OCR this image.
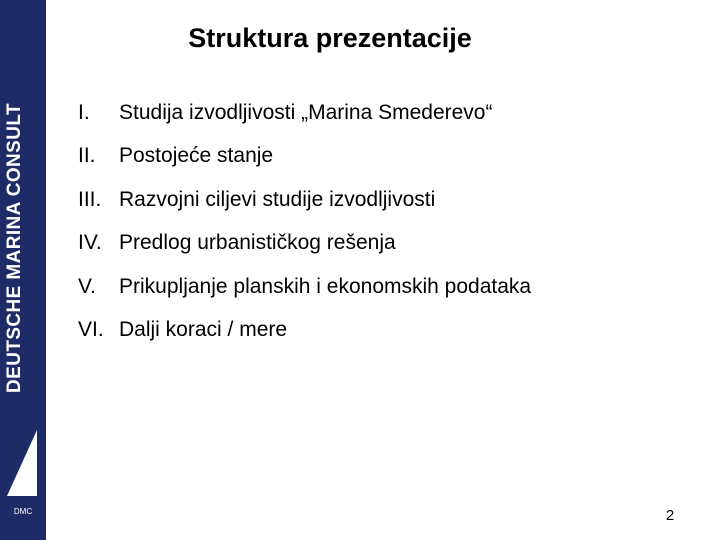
DEUTSCHE MARINA CONSULT
DMC
Struktura prezentacije
I.	Studija izvodljivosti „Marina Smederevo“
II.	Postojeće stanje
III. Razvojni ciljevi studije izvodljivosti
IV. Predlog urbanističkog rešenja
V.	Prikupljanje planskih i ekonomskih podataka
VI. Dalji koraci / mere
2
